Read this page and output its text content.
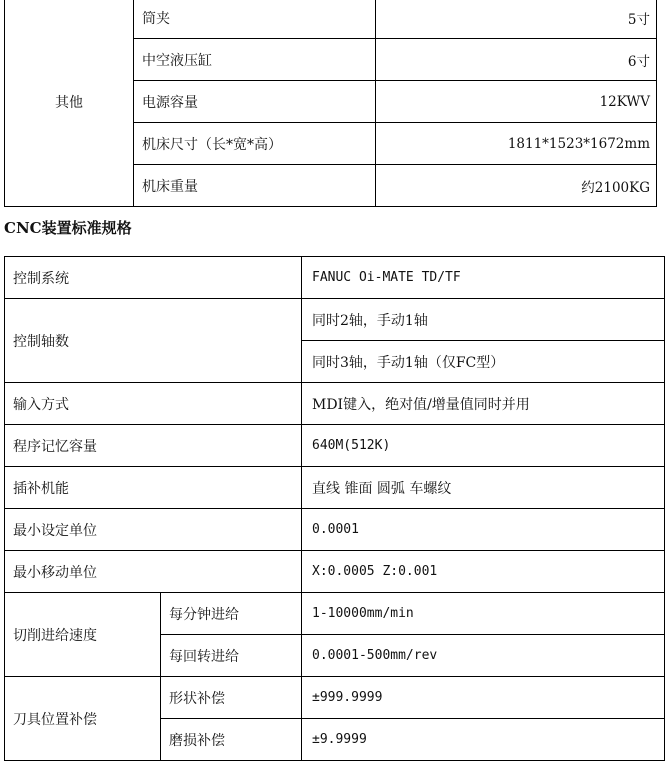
其他	筒夹	5寸
	中空液压缸	6寸
	电源容量	12KWV
	机床尺寸（长*宽*高）	1811*1523*1672mm
	机床重量	约2100KG
CNC装置标准规格
控制系统		FANUC Oi-MATE TD/TF
控制轴数		同时2轴，手动1轴
		同时3轴，手动1轴（仅FC型）
输入方式		MDI键入，绝对值/增量值同时并用
程序记忆容量		640M(512K)
插补机能		直线 锥面 圆弧 车螺纹
最小设定单位		0.0001
最小移动单位		X:0.0005 Z:0.001
切削进给速度	每分钟进给	1-10000mm/min
	每回转进给	0.0001-500mm/rev
刀具位置补偿	形状补偿	±999.9999
	磨损补偿	±9.9999
